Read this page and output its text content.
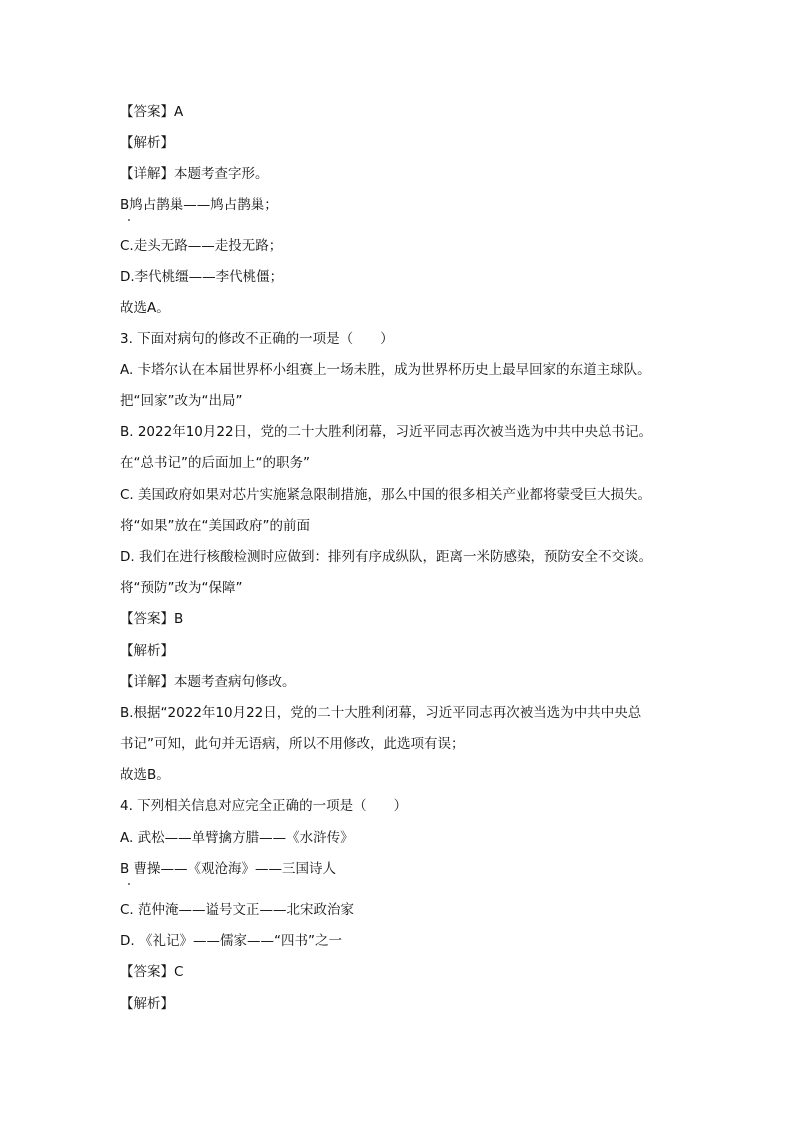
【答案】A

【解析】

【详解】本题考查字形。

B鸠占鹊巢——鸠占鹊巢；

C.走头无路——走投无路；

D.李代桃缰——李代桃僵；

故选A。

3. 下面对病句的修改不正确的一项是（　　）

A. 卡塔尔认在本届世界杯小组赛上一场未胜，成为世界杯历史上最早回家的东道主球队。

把“回家”改为“出局”

B. 2022年10月22日，党的二十大胜利闭幕，习近平同志再次被当选为中共中央总书记。

在“总书记”的后面加上“的职务”

C. 美国政府如果对芯片实施紧急限制措施，那么中国的很多相关产业都将蒙受巨大损失。

将“如果”放在“美国政府”的前面

D. 我们在进行核酸检测时应做到：排列有序成纵队，距离一米防感染，预防安全不交谈。

将“预防”改为“保障”

【答案】B

【解析】

【详解】本题考查病句修改。

B.根据“2022年10月22日，党的二十大胜利闭幕，习近平同志再次被当选为中共中央总

书记”可知，此句并无语病，所以不用修改，此选项有误；

故选B。

4. 下列相关信息对应完全正确的一项是（　　）

A. 武松——单臂擒方腊——《水浒传》

B 曹操——《观沧海》——三国诗人

C. 范仲淹——谥号文正——北宋政治家

D. 《礼记》——儒家——“四书”之一

【答案】C

【解析】
